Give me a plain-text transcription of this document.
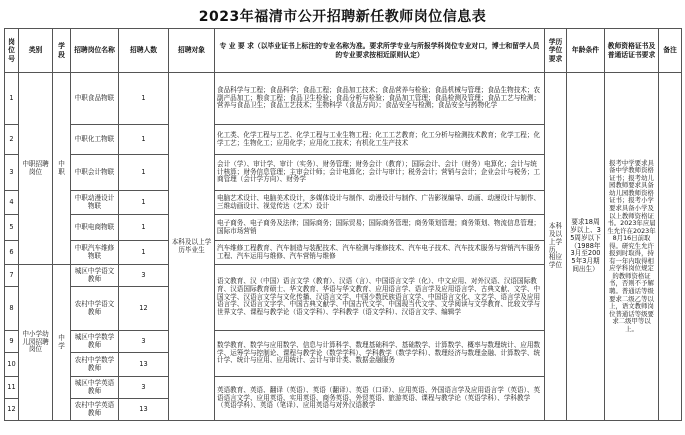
2023年福清市公开招聘新任教师岗位信息表
岗位号	类别	学段	招聘岗位名称	招聘人数	招聘对象	专 业 要 求（以毕业证书上标注的专业名称为准。要求所学专业与所报学科岗位专业对口，博士和留学人员的专业要求按相近原则认定）	学历学位要求	年龄条件	教师资格证书及普通话证书要求	备注
1	中职招聘岗位	中职	中职食品物联	1	本科及以上学历毕业生	食品科学与工程；食品科学；食品工程；食品加工技术；食品营养与检验；食品机械与管理；食品生物技术；农副产品加工；粮食工程；食品卫生检验；食品分析与检验；食品加工管理；食品检测及管理；食品工艺与检测；营养与食品卫生；食品工艺技术；生物科学（食品方向）；食品安全与检测；食品安全与药物化学	本科及以上学历，相应学位	要求18周岁以上、35周岁以下（1988年3月至2005年3月期间出生）	报考中学要求具备中学教师资格证书；报考幼儿园教师要求具备幼儿园教师资格证书；报考小学要求具备小学及以上教师资格证书。2023年应届生允许在2023年8月16日前取得。研究生允许报到时取得，持有一年内取得相应学科岗位规定的教师资格证书，否则不予解聘。普通话等级要求二级乙等以上，语文教师岗位普通话等级要求二级甲等以上。	
2			中职化工物联	1		化工类、化学工程与工艺、化学工程与工业生物工程；化工工艺教育；化工分析与检测技术教育；化学工程；化学工艺；生物化工；应用化学；应用化工技术；有机化工生产技术				
3			中职会计物联	1		会计（学）、审计学、审计（实务）、财务管理；财务会计（教育）；国际会计、会计（财务）电算化；会计与统计核算；财务信息管理；主审会计师；会计电算化；会计与审计；税务会计；营销与会计；企业会计与税务；工商管理（会计学方向）、财务学				
4			中职动漫设计物联	1		电脑艺术设计、电脑美术设计，多媒体设计与制作、动漫设计与制作、广告影视编导、动画、动漫设计与制作、三维动画设计、视觉传达（艺术）设计				
5			中职电商物联	1		电子商务、电子商务及法律；国际商务；国际贸易；国际商务管理；商务策划管理；商务策划、物流信息管理；国际市场营销				
6			中职汽车维修物联	1		汽车维修工程教育、汽车制造与装配技术、汽车检测与维修技术、汽车电子技术、汽车技术服务与营销汽车服务工程、汽车运用与维修、汽车营销与维修				
7	中小学幼儿园招聘岗位	中学	城区中学语文教师	3		语文教育、汉（中国）语言文学（教育）、汉语（言）、中国语言文学（化）、中文应用、对外汉语、汉语国际教育、汉语国际教育硕士、华文教育、华语与华文教育、应用语言学、语言学及应用语言学、古典文献、文学、中国文学、汉语言文学与文化传播、汉语言文学、中国少数民族语言文学、中国语言文化、文艺学、语言学及应用语言学、汉语言文字学、中国古典文献学、中国古代文学、中国现当代文学、文学阅读与文学教育、比较文学与世界文学、课程与教学论（语文学科）、学科教学（语文学科）、汉语言文学、编辑学				
8			农村中学语文教师	12						
9			城区中学数学教师	3		数学教育、数学与应用数学、信息与计算科学、数理基础科学、基础数学、计算数学、概率与数理统计、应用数学、运筹学与控制论、课程与教学论（数学学科）、学科教学（数学学科）、数理经济与数理金融、计算数学、统计学、统计与应用、应用统计、会计与审计类、数据金融服务				
10			农村中学数学教师	13						
11			城区中学英语教师	3		英语教育、英语、翻译（英语）、英语（翻译）、英语（口译）、应用英语、外国语言学及应用语言学（英语）、英语语言文学、应用英语、实用英语、商务英语、外贸英语、旅游英语、课程与教学论（英语学科）、学科教学（英语学科）、英语（笔译）、应用英语与对外汉语教学				
12			农村中学英语教师	13						
